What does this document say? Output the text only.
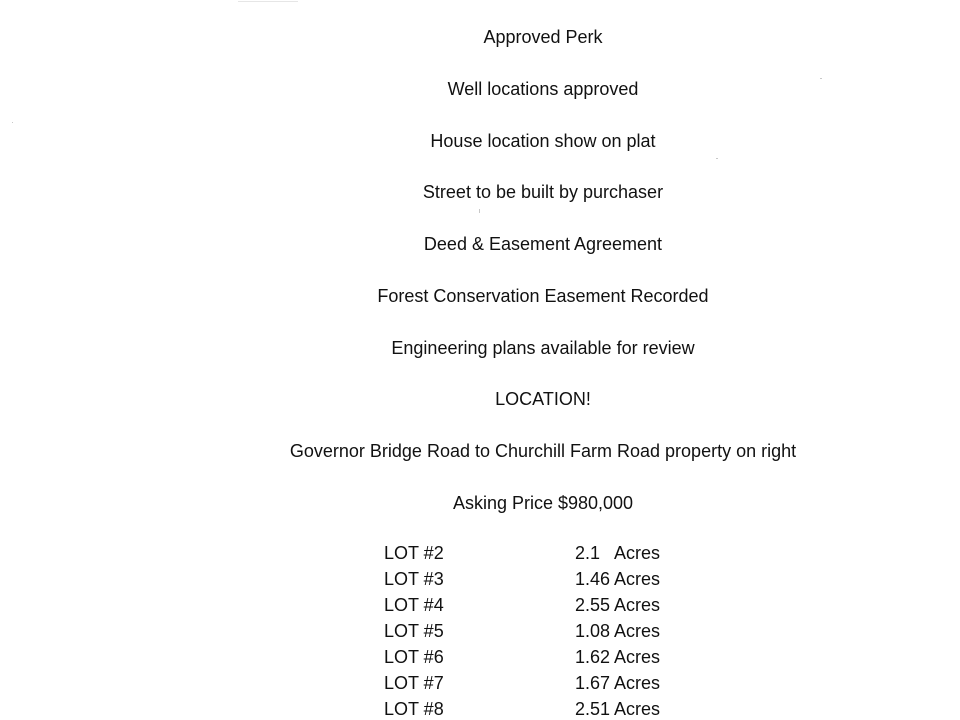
Approved Perk
Well locations approved
House location show on plat
Street to be built by purchaser
Deed & Easement Agreement
Forest Conservation Easement Recorded
Engineering plans available for review
LOCATION!
Governor Bridge Road to Churchill Farm Road property on right
Asking Price $980,000
LOT #2	2.1   Acres
LOT #3	1.46 Acres
LOT #4	2.55 Acres
LOT #5	1.08 Acres
LOT #6	1.62 Acres
LOT #7	1.67 Acres
LOT #8	2.51 Acres
